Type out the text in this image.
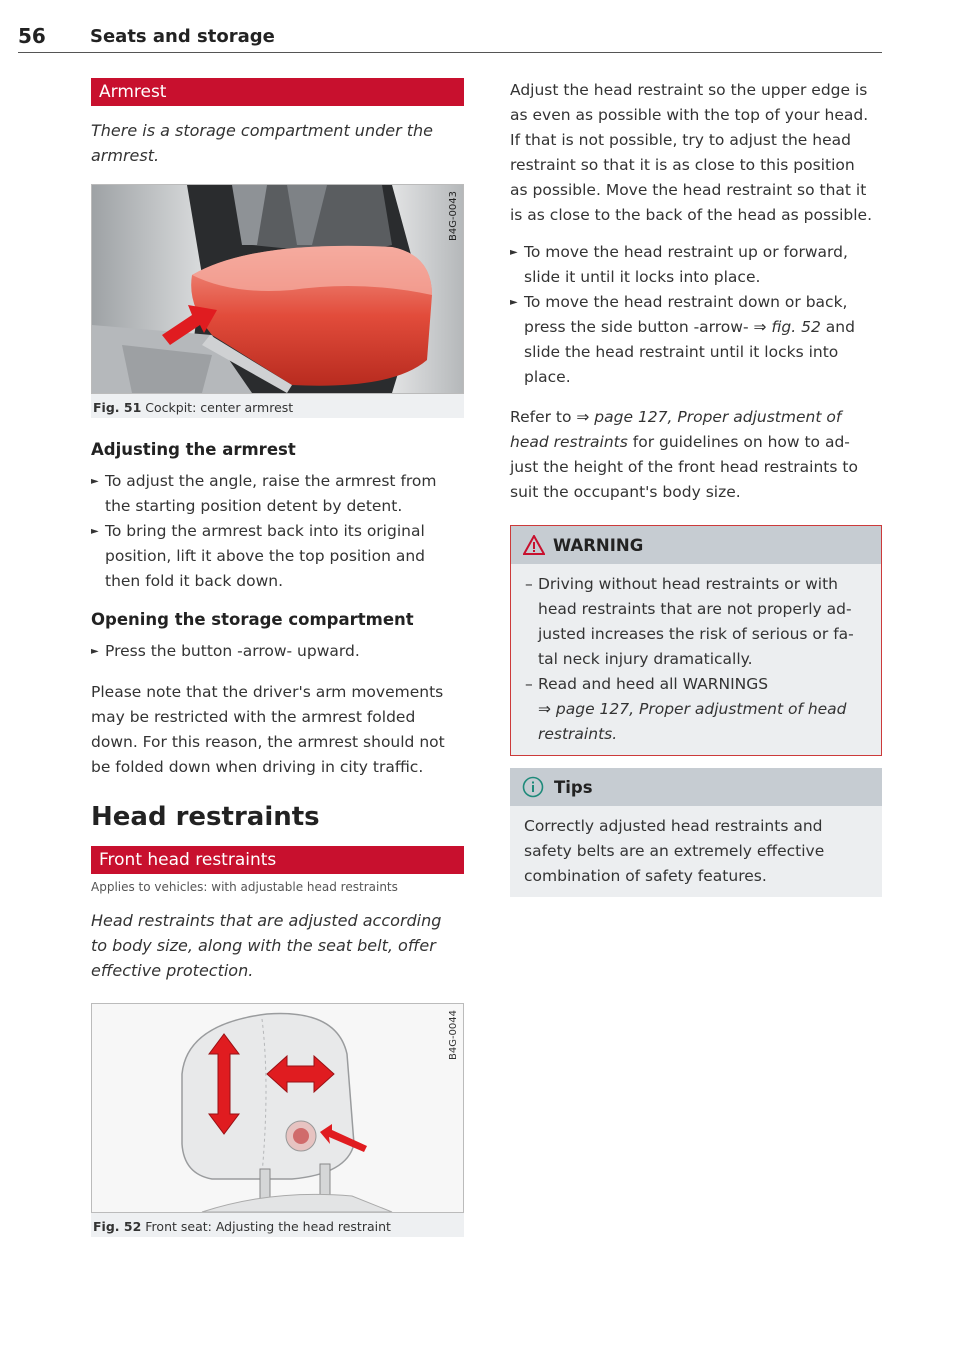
56 Seats and storage
Armrest

There is a storage compartment under the armrest.

B4G-0043
Fig. 51 Cockpit: center armrest

Adjusting the armrest

► To adjust the angle, raise the armrest from
the starting position detent by detent.
► To bring the armrest back into its original
position, lift it above the top position and
then fold it back down.

Opening the storage compartment

► Press the button -arrow- upward.
Please note that the driver's arm movements
may be restricted with the armrest folded
down. For this reason, the armrest should not
be folded down when driving in city traffic.

Head restraints

Front head restraints
Applies to vehicles: with adjustable head restraints
Head restraints that are adjusted according
to body size, along with the seat belt, offer
effective protection.
B4G-0044
Fig. 52 Front seat: Adjusting the head restraint
Adjust the head restraint so the upper edge is
as even as possible with the top of your head.
If that is not possible, try to adjust the head
restraint so that it is as close to this position
as possible. Move the head restraint so that it
is as close to the back of the head as possible.
► To move the head restraint up or forward,
slide it until it locks into place.
► To move the head restraint down or back,
press the side button -arrow- ⇒ fig. 52 and
slide the head restraint until it locks into
place.
Refer to ⇒ page 127, Proper adjustment of
head restraints for guidelines on how to ad-
just the height of the front head restraints to
suit the occupant's body size.
WARNING
– Driving without head restraints or with
head restraints that are not properly ad-
justed increases the risk of serious or fa-
tal neck injury dramatically.
– Read and heed all WARNINGS
⇒ page 127, Proper adjustment of head
restraints.
Tips
Correctly adjusted head restraints and
safety belts are an extremely effective
combination of safety features.
